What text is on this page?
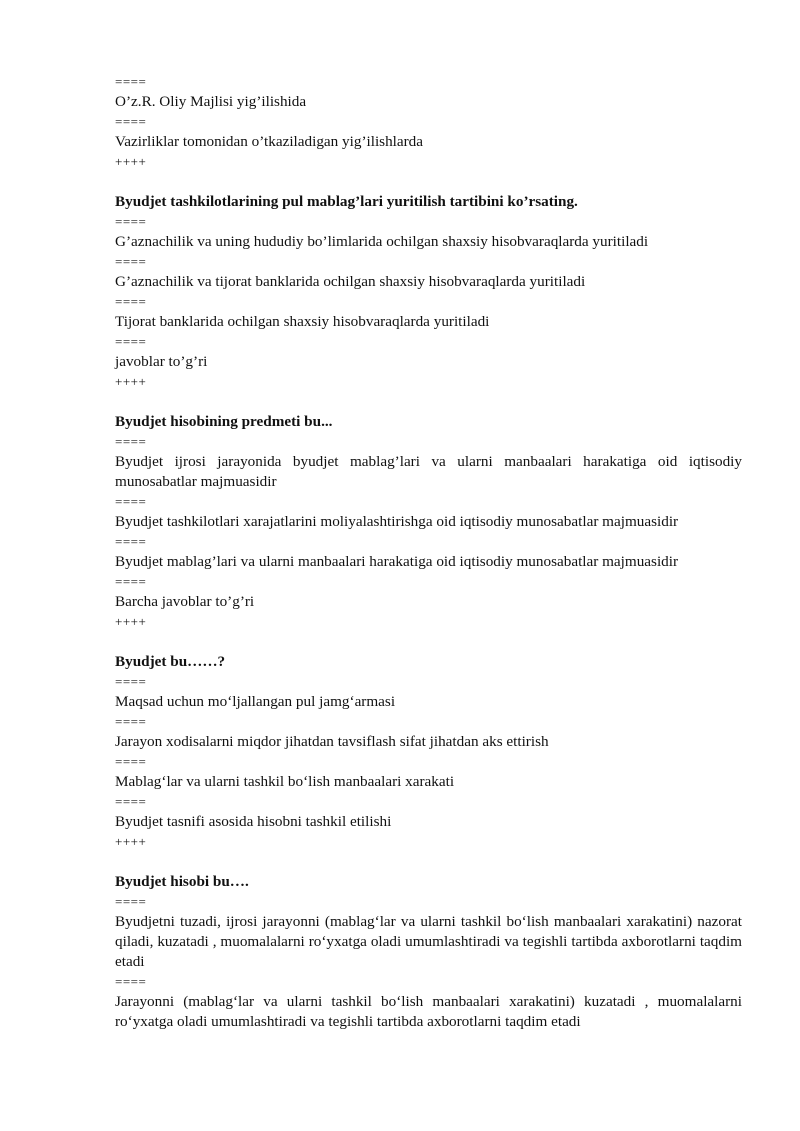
====
O’z.R. Oliy Majlisi yig’ilishida
====
Vazirliklar tomonidan o’tkaziladigan yig’ilishlarda
++++
Byudjet tashkilotlarining pul mablag’lari yuritilish tartibini ko’rsating.
====
G’aznachilik va uning hududiy bo’limlarida ochilgan shaxsiy hisobvaraqlarda yuritiladi
====
G’aznachilik va tijorat banklarida ochilgan shaxsiy hisobvaraqlarda yuritiladi
====
Tijorat banklarida ochilgan shaxsiy hisobvaraqlarda yuritiladi
====
javoblar to’g’ri
++++
Byudjet hisobining predmeti bu...
====
Byudjet ijrosi jarayonida byudjet mablag’lari va ularni manbaalari harakatiga oid iqtisodiy munosabatlar majmuasidir
====
Byudjet tashkilotlari xarajatlarini moliyalashtirishga oid iqtisodiy munosabatlar majmuasidir
====
Byudjet mablag’lari va ularni manbaalari harakatiga oid iqtisodiy munosabatlar majmuasidir
====
Barcha javoblar to’g’ri
++++
Byudjet bu……?
====
Maqsad uchun moʻljallangan pul jamgʻarmasi
====
Jarayon xodisalarni miqdor jihatdan tavsiflash sifat jihatdan aks ettirish
====
Mablagʻlar va ularni tashkil boʻlish manbaalari xarakati
====
Byudjet tasnifi asosida hisobni tashkil etilishi
++++
Byudjet hisobi bu….
====
Byudjetni tuzadi, ijrosi jarayonni (mablagʻlar va ularni tashkil boʻlish manbaalari xarakatini) nazorat qiladi, kuzatadi , muomalalarni roʻyxatga oladi umumlashtiradi va tegishli tartibda axborotlarni taqdim etadi
====
Jarayonni (mablagʻlar va ularni tashkil boʻlish manbaalari xarakatini) kuzatadi , muomalalarni roʻyxatga oladi umumlashtiradi va tegishli tartibda axborotlarni taqdim etadi
